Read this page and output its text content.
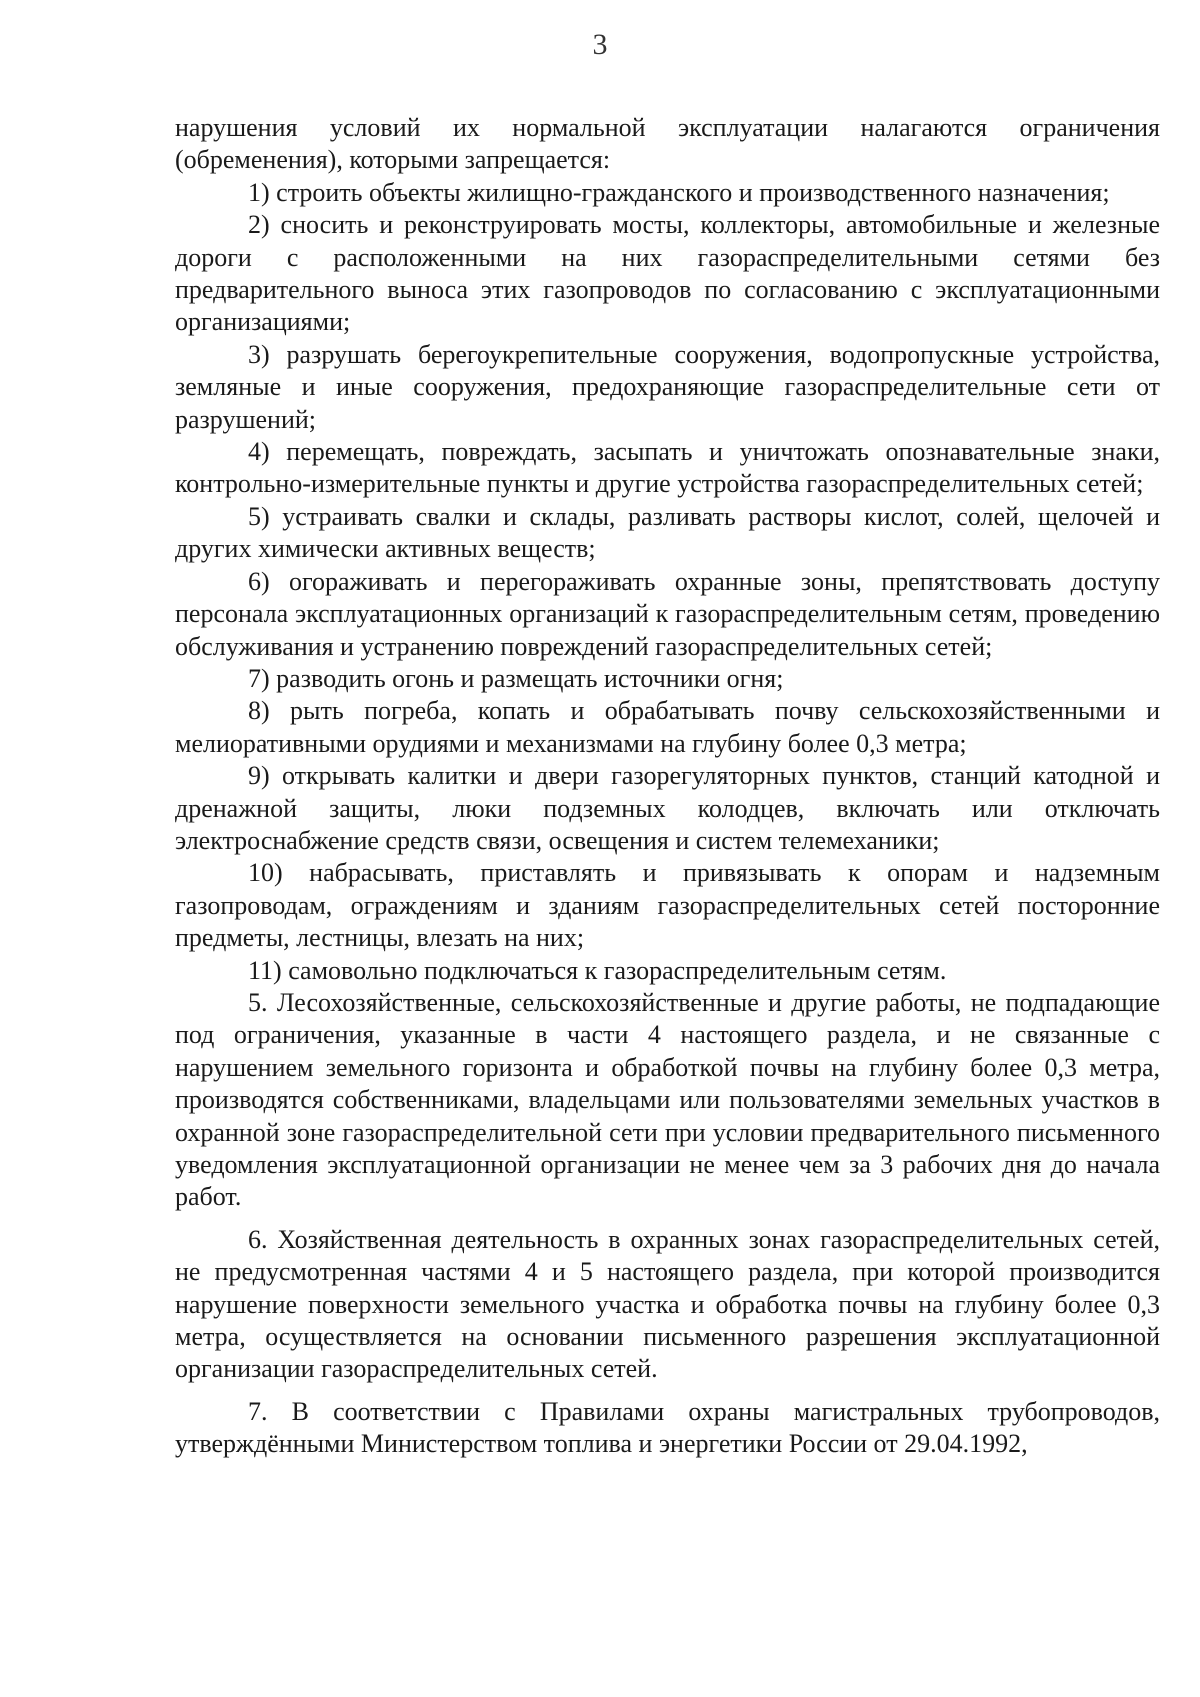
3

нарушения условий их нормальной эксплуатации налагаются ограничения (обременения), которыми запрещается:

1) строить объекты жилищно-гражданского и производственного назначения;

2) сносить и реконструировать мосты, коллекторы, автомобильные и железные дороги с расположенными на них газораспределительными сетями без предварительного выноса этих газопроводов по согласованию с эксплуатационными организациями;

3) разрушать берегоукрепительные сооружения, водопропускные устройства, земляные и иные сооружения, предохраняющие газораспределительные сети от разрушений;

4) перемещать, повреждать, засыпать и уничтожать опознавательные знаки, контрольно-измерительные пункты и другие устройства газораспределительных сетей;

5) устраивать свалки и склады, разливать растворы кислот, солей, щелочей и других химически активных веществ;

6) огораживать и перегораживать охранные зоны, препятствовать доступу персонала эксплуатационных организаций к газораспределительным сетям, проведению обслуживания и устранению повреждений газораспределительных сетей;

7) разводить огонь и размещать источники огня;

8) рыть погреба, копать и обрабатывать почву сельскохозяйственными и мелиоративными орудиями и механизмами на глубину более 0,3 метра;

9) открывать калитки и двери газорегуляторных пунктов, станций катодной и дренажной защиты, люки подземных колодцев, включать или отключать электроснабжение средств связи, освещения и систем телемеханики;

10) набрасывать, приставлять и привязывать к опорам и надземным газопроводам, ограждениям и зданиям газораспределительных сетей посторонние предметы, лестницы, влезать на них;

11) самовольно подключаться к газораспределительным сетям.

5. Лесохозяйственные, сельскохозяйственные и другие работы, не подпадающие под ограничения, указанные в части 4 настоящего раздела, и не связанные с нарушением земельного горизонта и обработкой почвы на глубину более 0,3 метра, производятся собственниками, владельцами или пользователями земельных участков в охранной зоне газораспределительной сети при условии предварительного письменного уведомления эксплуатационной организации не менее чем за 3 рабочих дня до начала работ.

6. Хозяйственная деятельность в охранных зонах газораспределительных сетей, не предусмотренная частями 4 и 5 настоящего раздела, при которой производится нарушение поверхности земельного участка и обработка почвы на глубину более 0,3 метра, осуществляется на основании письменного разрешения эксплуатационной организации газораспределительных сетей.

7. В соответствии с Правилами охраны магистральных трубопроводов, утверждёнными Министерством топлива и энергетики России от 29.04.1992,
